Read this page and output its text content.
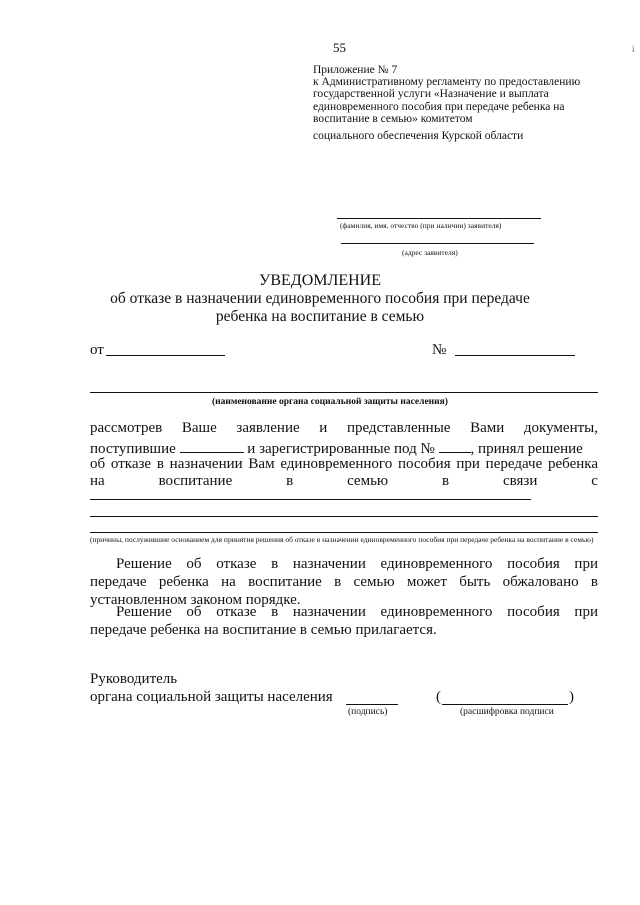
55	i
Приложение № 7
к Административному регламенту по предоставлению
государственной услуги «Назначение и выплата
единовременного пособия при передаче ребенка на
воспитание в семью» комитетом
социального обеспечения Курской области
(фамилия, имя, отчество (при наличии) заявителя)
(адрес заявителя)
УВЕДОМЛЕНИЕ
об отказе в назначении единовременного пособия при передаче
ребенка на воспитание в семью
от	№
(наименование органа социальной защиты населения)
рассмотрев Ваше заявление и представленные Вами документы,
поступившие	и зарегистрированные под № , принял решение
об отказе в назначении Вам единовременного пособия при передаче ребенка
на	воспитание	в	семью	в	связи	с
(причины, послужившие основанием для принятия решения об отказе в назначении единовременного пособия при передаче ребенка на воспитание в семью)
Решение об отказе в назначении единовременного пособия при
передаче ребенка на воспитание в семью может быть обжаловано в
установленном законом порядке.
Решение об отказе в назначении единовременного пособия при
передаче ребенка на воспитание в семью прилагается.
Руководитель
органа социальной защиты населения
(подпись)
(	)
(расшифровка подписи
